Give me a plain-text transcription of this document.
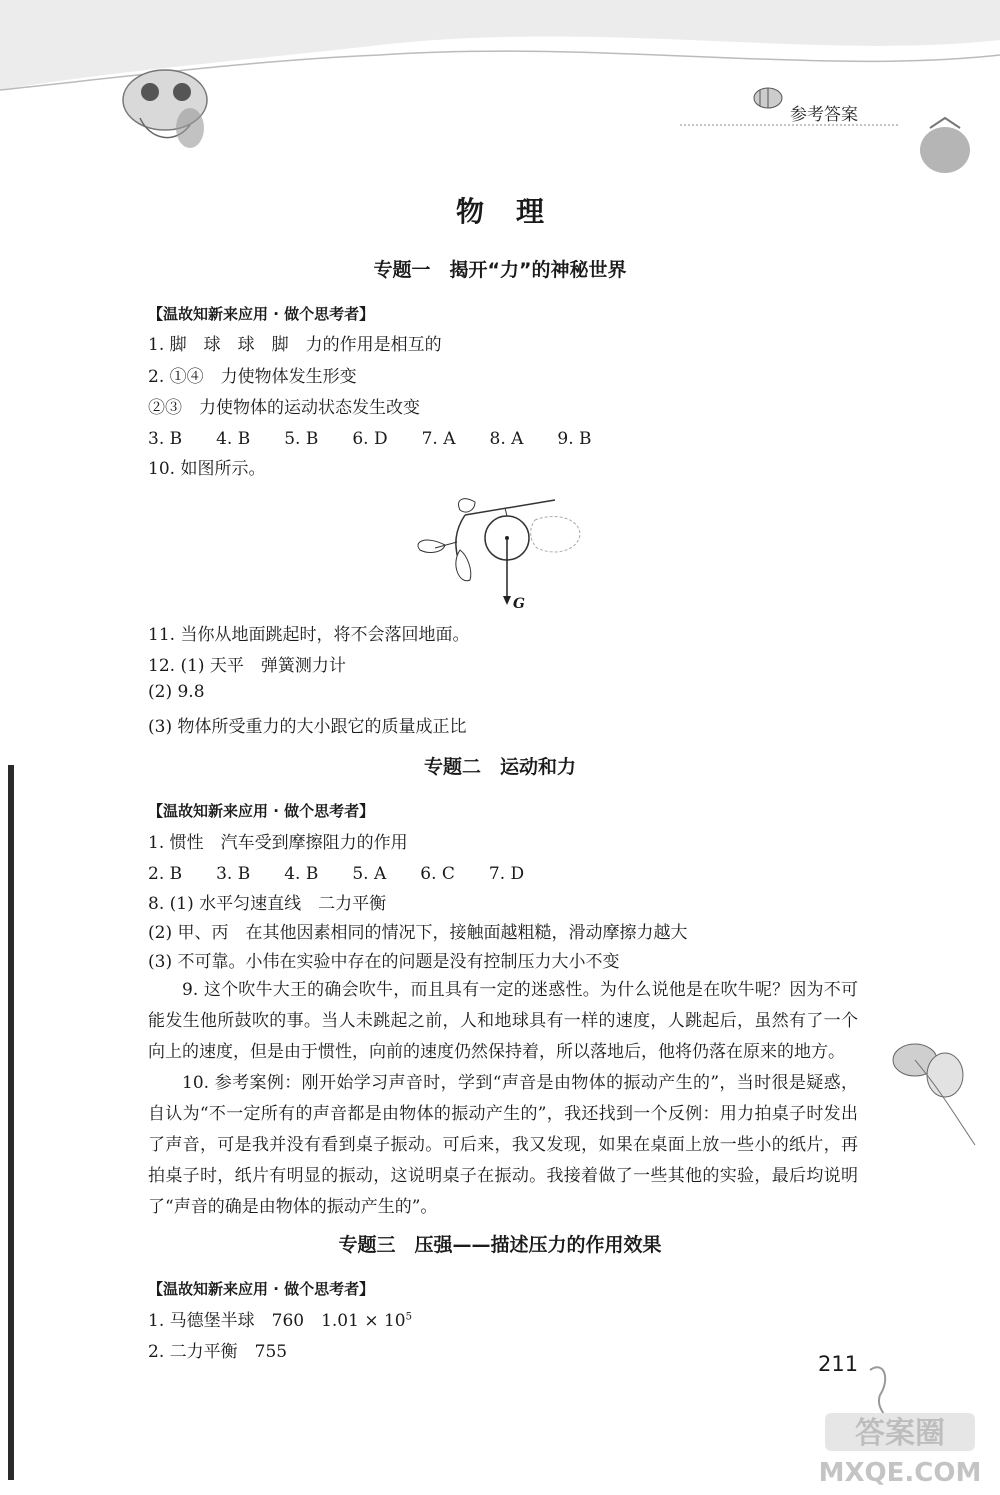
参考答案
物理
专题一　揭开“力”的神秘世界
【温故知新来应用 · 做个思考者】
1. 脚　球　球　脚　力的作用是相互的
2. ①④　力使物体发生形变
②③　力使物体的运动状态发生改变
3. B　　4. B　　5. B　　6. D　　7. A　　8. A　　9. B
10. 如图所示。
G
11. 当你从地面跳起时，将不会落回地面。
12. (1) 天平　弹簧测力计
(2) 9.8
(3) 物体所受重力的大小跟它的质量成正比
专题二　运动和力
【温故知新来应用 · 做个思考者】
1. 惯性　汽车受到摩擦阻力的作用
2. B　　3. B　　4. B　　5. A　　6. C　　7. D
8. (1) 水平匀速直线　二力平衡
(2) 甲、丙　在其他因素相同的情况下，接触面越粗糙，滑动摩擦力越大
(3) 不可靠。小伟在实验中存在的问题是没有控制压力大小不变
9. 这个吹牛大王的确会吹牛，而且具有一定的迷惑性。为什么说他是在吹牛呢？因为不可能发生他所鼓吹的事。当人未跳起之前，人和地球具有一样的速度，人跳起后，虽然有了一个向上的速度，但是由于惯性，向前的速度仍然保持着，所以落地后，他将仍落在原来的地方。
10. 参考案例：刚开始学习声音时，学到“声音是由物体的振动产生的”，当时很是疑惑，自认为“不一定所有的声音都是由物体的振动产生的”，我还找到一个反例：用力拍桌子时发出了声音，可是我并没有看到桌子振动。可后来，我又发现，如果在桌面上放一些小的纸片，再拍桌子时，纸片有明显的振动，这说明桌子在振动。我接着做了一些其他的实验，最后均说明了“声音的确是由物体的振动产生的”。
专题三　压强——描述压力的作用效果
【温故知新来应用 · 做个思考者】
1. 马德堡半球　760　$1.01 \times 10^5$
2. 二力平衡　755	211
答案圈
MXQE.COM
